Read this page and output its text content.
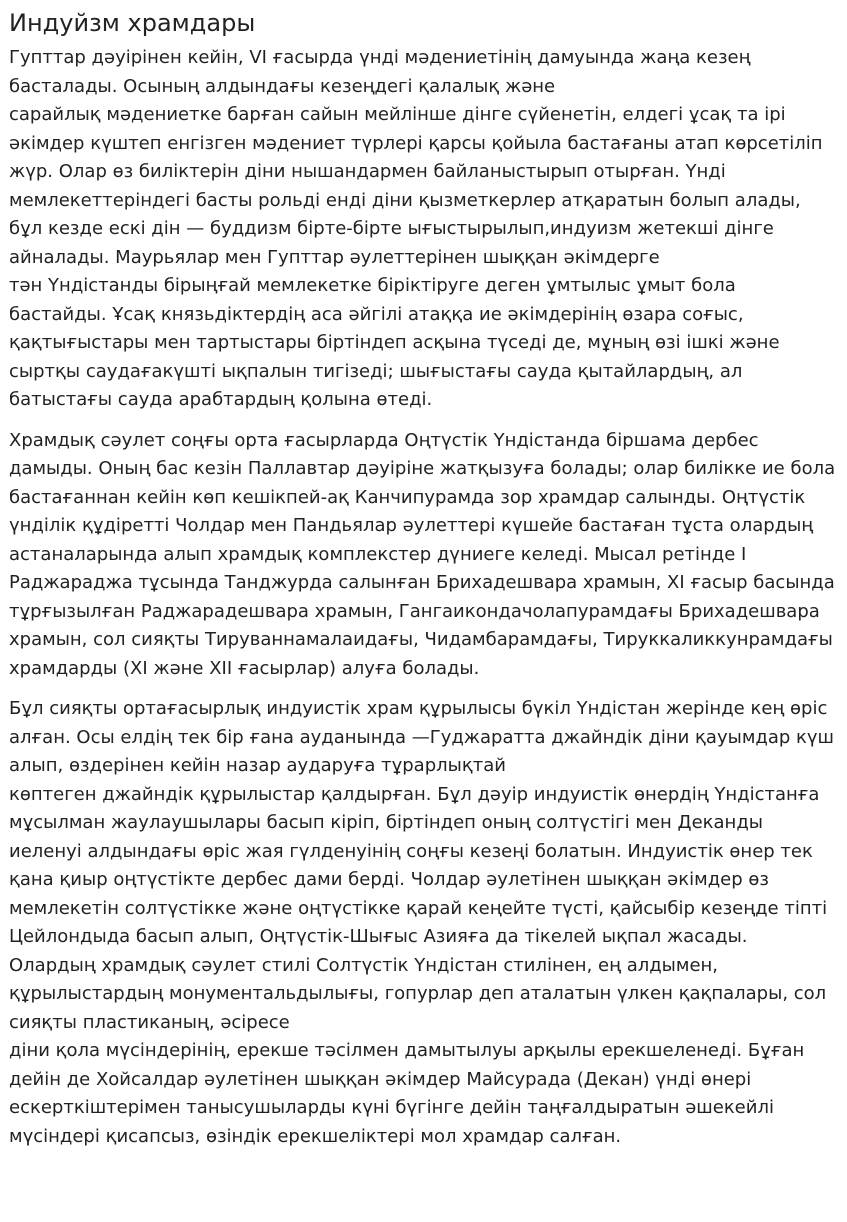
Индуйзм храмдары

Гупттар дәуірінен кейін, VI ғасырда үнді мәдениетінің дамуында жаңа кезең басталады. Осының алдындағы кезеңдегі қалалық және
сарайлық мәдениетке барған сайын мейлінше дінге сүйенетін, елдегі ұсақ та ірі әкімдер күштеп енгізген мәдениет түрлері қарсы қойыла бастағаны атап көрсетіліп жүр. Олар өз биліктерін діни нышандармен байланыстырып отырған. Үнді мемлекеттеріндегі басты рольді енді діни қызметкерлер атқаратын болып алады, бұл кезде ескі дін — буддизм бірте-бірте ығыстырылып,индуизм жетекші дінге айналады. Маурьялар мен Гупттар әулеттерінен шыққан әкімдерге
тән Үндістанды бірыңғай мемлекетке біріктіруге деген ұмтылыс ұмыт бола бастайды. Ұсақ князьдіктердің аса әйгілі атаққа ие әкімдерінің өзара соғыс, қақтығыстары мен тартыстары біртіндеп асқына түседі де, мұның өзі ішкі және сыртқы саудағакүшті ықпалын тигізеді; шығыстағы сауда қытайлардың, ал батыстағы сауда арабтардың қолына өтеді.

Храмдық сәулет соңғы орта ғасырларда Оңтүстік Үндістанда біршама дербес дамыды. Оның бас кезін Паллавтар дәуіріне жатқызуға болады; олар билікке ие бола бастағаннан кейін көп кешікпей-ақ Канчипурамда зор храмдар салынды. Оңтүстік үнділік құдіретті Чолдар мен Пандьялар әулеттері күшейе бастаған тұста олардың астаналарында алып храмдық комплекстер дүниеге келеді. Мысал ретінде I Раджараджа тұсында Танджурда салынған Брихадешвара храмын, XI ғасыр басында тұрғызылған Раджарадешвара храмын, Гангаикондачолапурамдағы Брихадешвара храмын, сол сияқты Тируваннамалаидағы, Чидамбарамдағы, Тируккаликкунрамдағы храмдарды (XI және XII ғасырлар) алуға болады.

Бұл сияқты ортағасырлық индуистік храм құрылысы бүкіл Үндістан жерінде кең өріс алған. Осы елдің тек бір ғана ауданында —Гуджаратта джайндік діни қауымдар күш алып, өздерінен кейін назар аударуға тұрарлықтай
көптеген джайндік құрылыстар қалдырған. Бұл дәуір индуистік өнердің Үндістанға мұсылман жаулаушылары басып кіріп, біртіндеп оның солтүстігі мен Деканды иеленуі алдындағы өріс жая гүлденуінің соңғы кезеңі болатын. Индуистік өнер тек қана қиыр оңтүстікте дербес дами берді. Чолдар әулетінен шыққан әкімдер өз мемлекетін солтүстікке және оңтүстікке қарай кеңейте түсті, қайсыбір кезеңде тіпті Цейлондыда басып алып, Оңтүстік-Шығыс Азияға да тікелей ықпал жасады. Олардың храмдық сәулет стилі Солтүстік Үндістан стилінен, ең алдымен, құрылыстардың монументальдылығы, гопурлар деп аталатын үлкен қақпалары, сол сияқты пластиканың, әсіресе
діни қола мүсіндерінің, ерекше тәсілмен дамытылуы арқылы ерекшеленеді. Бұған дейін де Хойсалдар әулетінен шыққан әкімдер Майсурада (Декан) үнді өнері ескерткіштерімен танысушыларды күні бүгінге дейін таңғалдыратын әшекейлі мүсіндері қисапсыз, өзіндік ерекшеліктері мол храмдар салған.
